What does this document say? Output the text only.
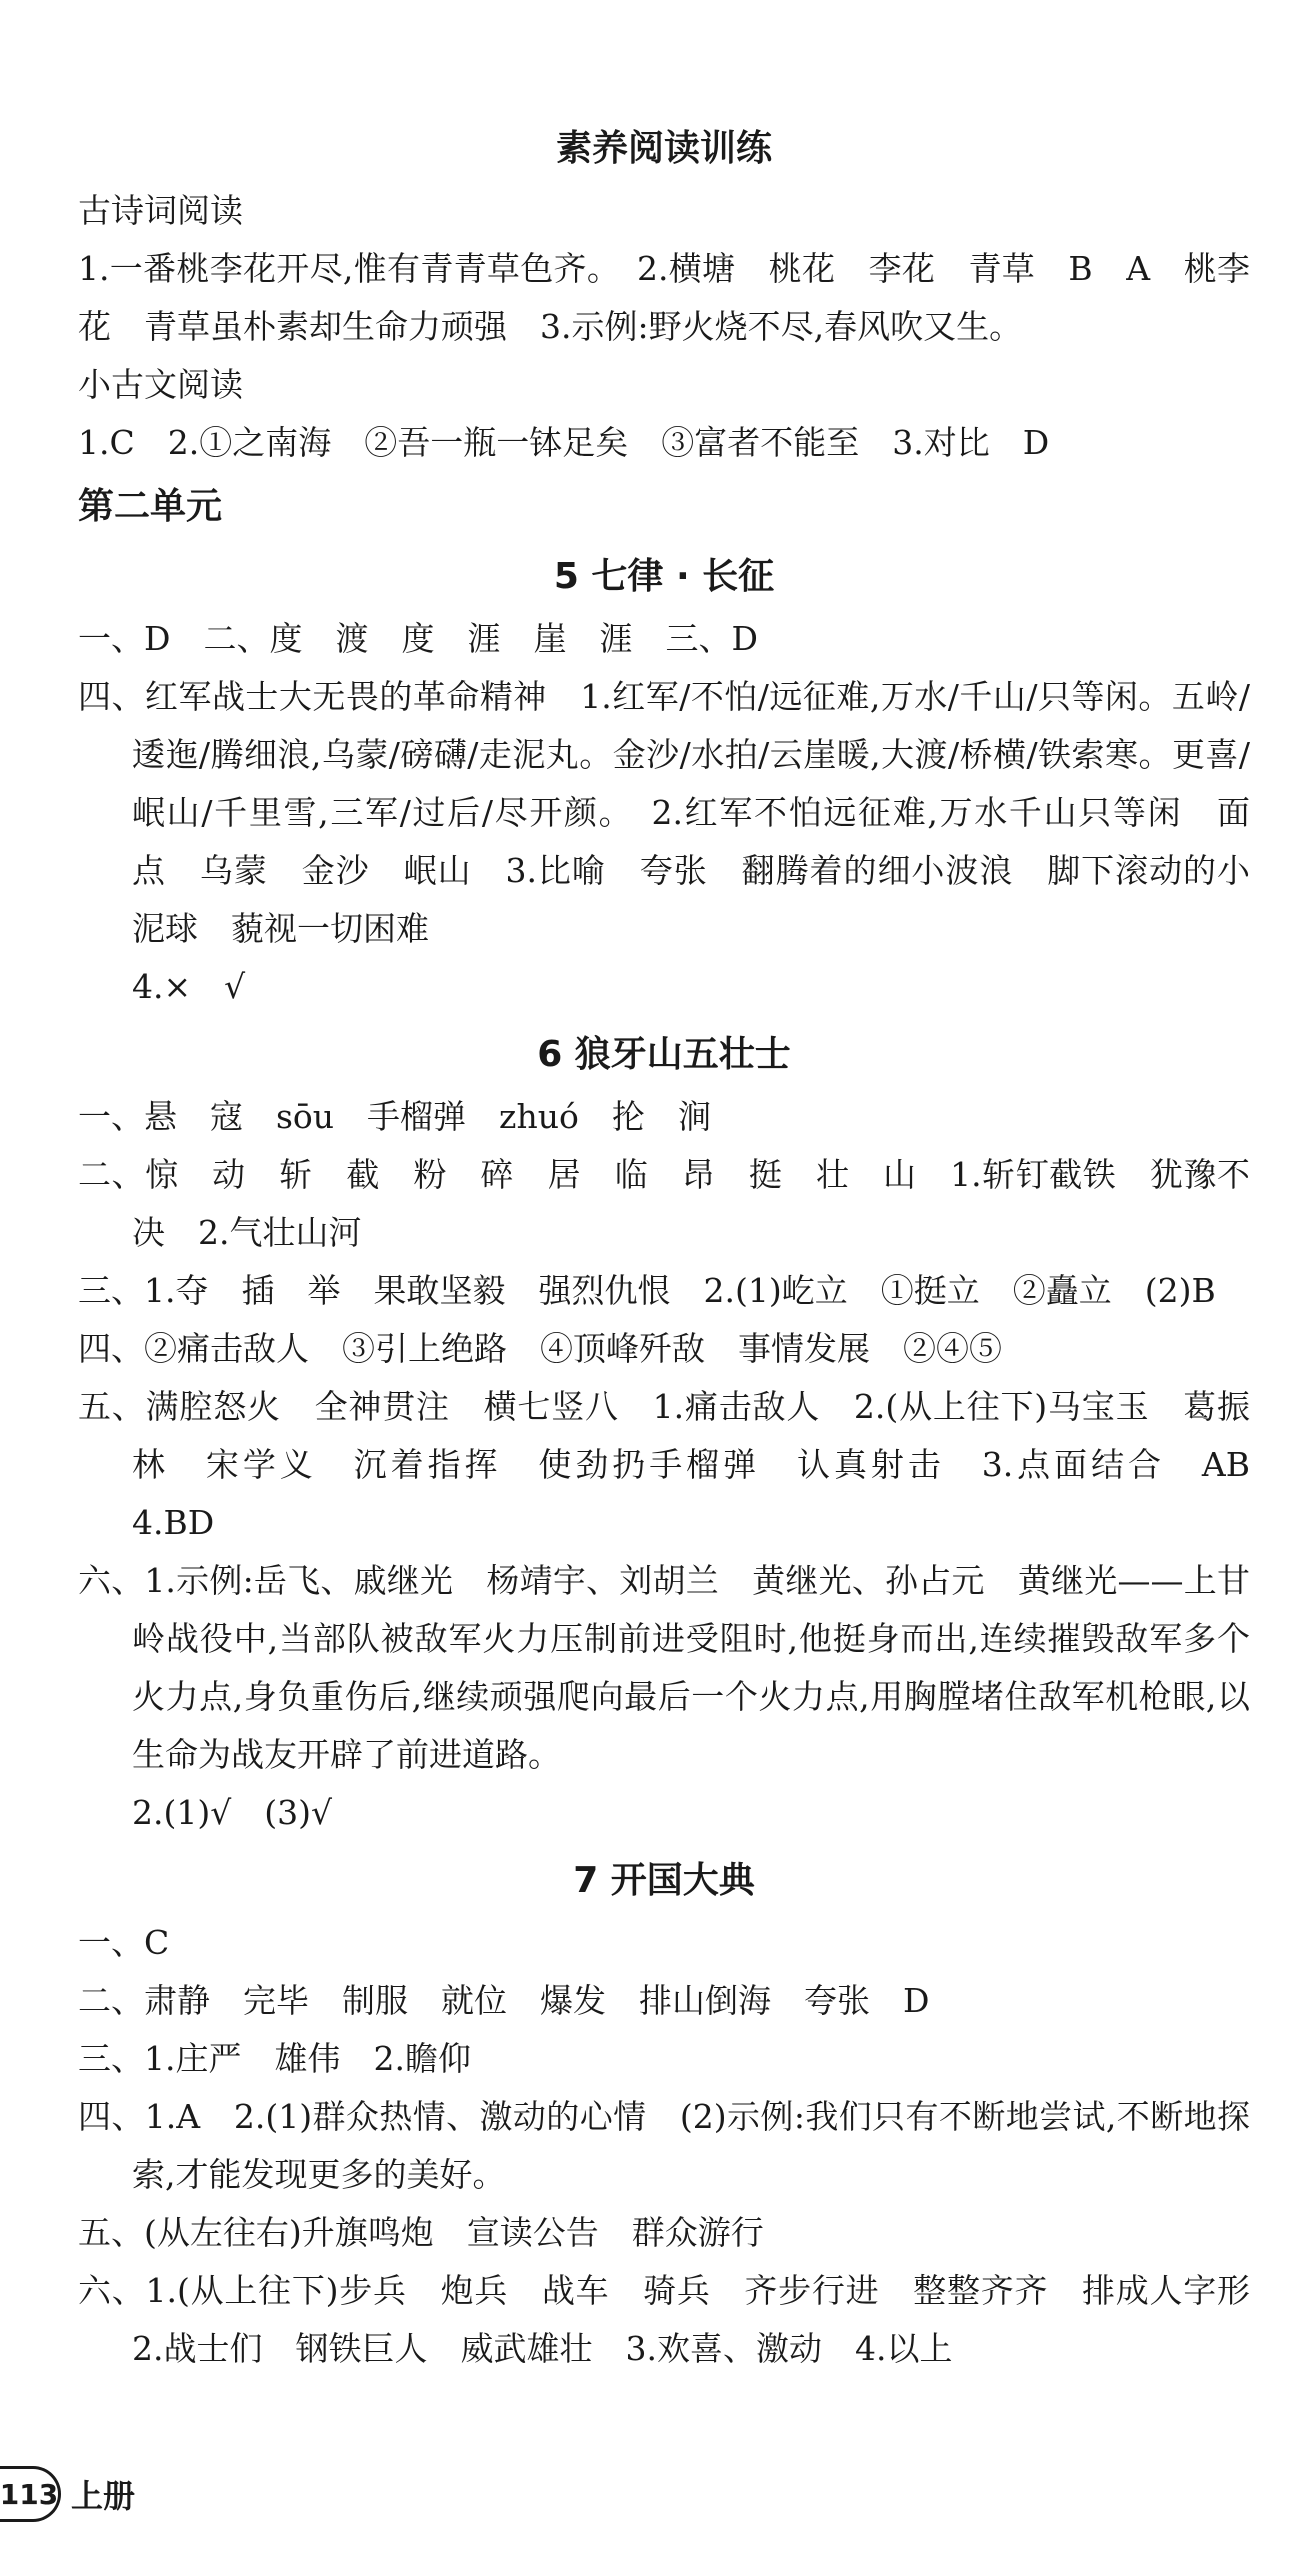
素养阅读训练
古诗词阅读
1.一番桃李花开尽,惟有青青草色齐。　2.横塘　桃花　李花　青草　B　A　桃李花　青草虽朴素却生命力顽强　3.示例:野火烧不尽,春风吹又生。
小古文阅读
1.C　2.①之南海　②吾一瓶一钵足矣　③富者不能至　3.对比　D
第二单元
5 七律 · 长征
一、D　二、度　渡　度　涯　崖　涯　三、D
四、红军战士大无畏的革命精神　1.红军/不怕/远征难,万水/千山/只等闲。五岭/逶迤/腾细浪,乌蒙/磅礴/走泥丸。金沙/水拍/云崖暖,大渡/桥横/铁索寒。更喜/岷山/千里雪,三军/过后/尽开颜。　2.红军不怕远征难,万水千山只等闲　面　点　乌蒙　金沙　岷山　3.比喻　夸张　翻腾着的细小波浪　脚下滚动的小泥球　藐视一切困难
4.×　√
6 狼牙山五壮士
一、悬　寇　sōu　手榴弹　zhuó　抡　涧
二、惊　动　斩　截　粉　碎　居　临　昂　挺　壮　山　1.斩钉截铁　犹豫不决　2.气壮山河
三、1.夺　插　举　果敢坚毅　强烈仇恨　2.(1)屹立　①挺立　②矗立　(2)B
四、②痛击敌人　③引上绝路　④顶峰歼敌　事情发展　②④⑤
五、满腔怒火　全神贯注　横七竖八　1.痛击敌人　2.(从上往下)马宝玉　葛振林　宋学义　沉着指挥　使劲扔手榴弹　认真射击　3.点面结合　AB　4.BD
六、1.示例:岳飞、戚继光　杨靖宇、刘胡兰　黄继光、孙占元　黄继光——上甘岭战役中,当部队被敌军火力压制前进受阻时,他挺身而出,连续摧毁敌军多个火力点,身负重伤后,继续顽强爬向最后一个火力点,用胸膛堵住敌军机枪眼,以生命为战友开辟了前进道路。
2.(1)√　(3)√
7 开国大典
一、C
二、肃静　完毕　制服　就位　爆发　排山倒海　夸张　D
三、1.庄严　雄伟　2.瞻仰
四、1.A　2.(1)群众热情、激动的心情　(2)示例:我们只有不断地尝试,不断地探索,才能发现更多的美好。
五、(从左往右)升旗鸣炮　宣读公告　群众游行
六、1.(从上往下)步兵　炮兵　战车　骑兵　齐步行进　整整齐齐　排成人字形　2.战士们　钢铁巨人　威武雄壮　3.欢喜、激动　4.以上
113 上册
